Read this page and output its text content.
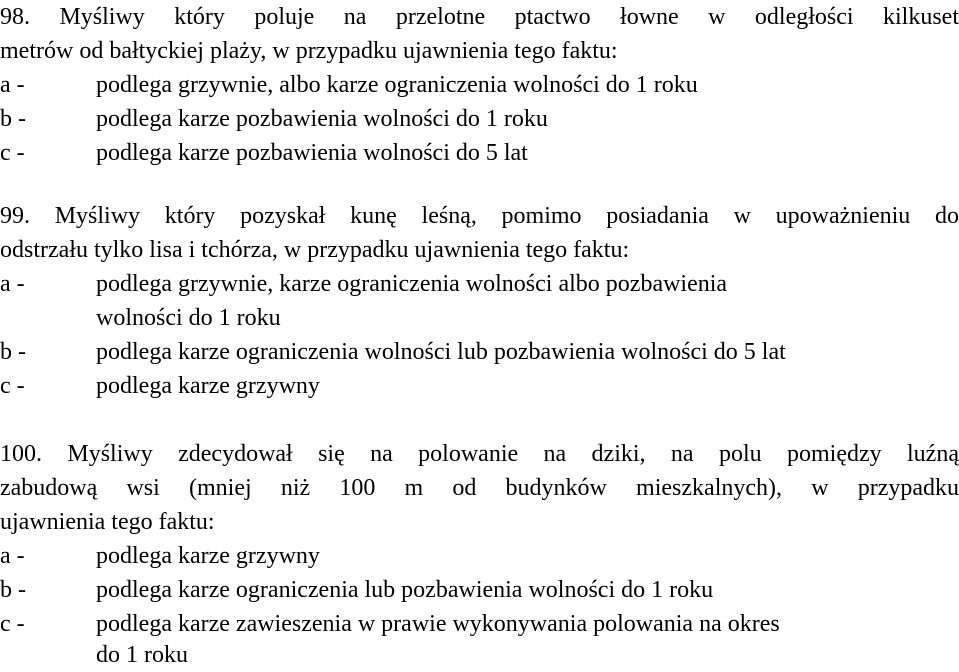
98. Myśliwy który poluje na przelotne ptactwo łowne w odległości kilkuset
metrów od bałtyckiej plaży, w przypadku ujawnienia tego faktu:
a -	podlega grzywnie, albo karze ograniczenia wolności do 1 roku
b -	podlega karze pozbawienia wolności do 1 roku
c -	podlega karze pozbawienia wolności do 5 lat
99. Myśliwy który pozyskał kunę leśną, pomimo posiadania w upoważnieniu do
odstrzału tylko lisa i tchórza, w przypadku ujawnienia tego faktu:
a -	podlega grzywnie, karze ograniczenia wolności albo pozbawienia
wolności do 1 roku
b -	podlega karze ograniczenia wolności lub pozbawienia wolności do 5 lat
c -	podlega karze grzywny
100. Myśliwy zdecydował się na polowanie na dziki, na polu pomiędzy luźną
zabudową wsi (mniej niż 100 m od budynków mieszkalnych), w przypadku
ujawnienia tego faktu:
a -	podlega karze grzywny
b -	podlega karze ograniczenia lub pozbawienia wolności do 1 roku
c -	podlega karze zawieszenia w prawie wykonywania polowania na okres
do 1 roku
